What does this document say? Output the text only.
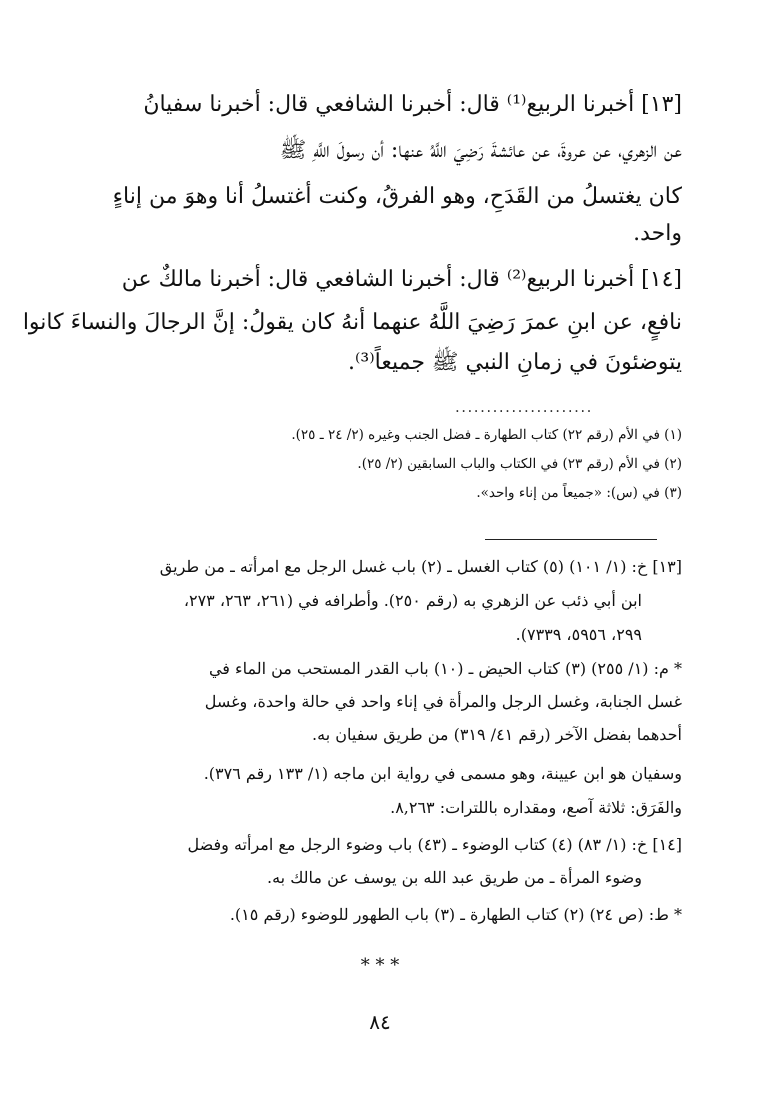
[١٣] أخبرنا الربيع⁽¹⁾ قال: أخبرنا الشافعي قال: أخبرنا سفيانُ
عن الزهري، عن عروةَ، عن عائشةَ رَضِيَ اللَّهُ عنها: أن رسولَ اللَّهِ ﷺ
كان يغتسلُ من القَدَحِ، وهو الفرقُ، وكنت أغتسلُ أنا وهوَ من إناءٍ
واحد.
[١٤] أخبرنا الربيع⁽²⁾ قال: أخبرنا الشافعي قال: أخبرنا مالكٌ عن
نافعٍ، عن ابنِ عمرَ رَضِيَ اللَّهُ عنهما أنهُ كان يقولُ: إنَّ الرجالَ والنساءَ كانوا
يتوضئونَ في زمانِ النبي ﷺ جميعاً⁽³⁾.
......................
(١) في الأم (رقم ٢٢) كتاب الطهارة ـ فضل الجنب وغيره (٢/ ٢٤ ـ ٢٥).
(٢) في الأم (رقم ٢٣) في الكتاب والباب السابقين (٢/ ٢٥).
(٣) في (س): «جميعاً من إناء واحد».
[١٣] خ: (١/ ١٠١) (٥) كتاب الغسل ـ (٢) باب غسل الرجل مع امرأته ـ من طريق
ابن أبي ذئب عن الزهري به (رقم ٢٥٠). وأطرافه في (٢٦١، ٢٦٣، ٢٧٣،
٢٩٩، ٥٩٥٦، ٧٣٣٩).
* م: (١/ ٢٥٥) (٣) كتاب الحيض ـ (١٠) باب القدر المستحب من الماء في
غسل الجنابة، وغسل الرجل والمرأة في إناء واحد في حالة واحدة، وغسل
أحدهما بفضل الآخر (رقم ٤١/ ٣١٩) من طريق سفيان به.
وسفيان هو ابن عيينة، وهو مسمى في رواية ابن ماجه (١/ ١٣٣ رقم ٣٧٦).
والفَرَق: ثلاثة آصع، ومقداره باللترات: ٨,٢٦٣.
[١٤] خ: (١/ ٨٣) (٤) كتاب الوضوء ـ (٤٣) باب وضوء الرجل مع امرأته وفضل
وضوء المرأة ـ من طريق عبد الله بن يوسف عن مالك به.
* ط: (ص ٢٤) (٢) كتاب الطهارة ـ (٣) باب الطهور للوضوء (رقم ١٥).
* * *
٨٤
